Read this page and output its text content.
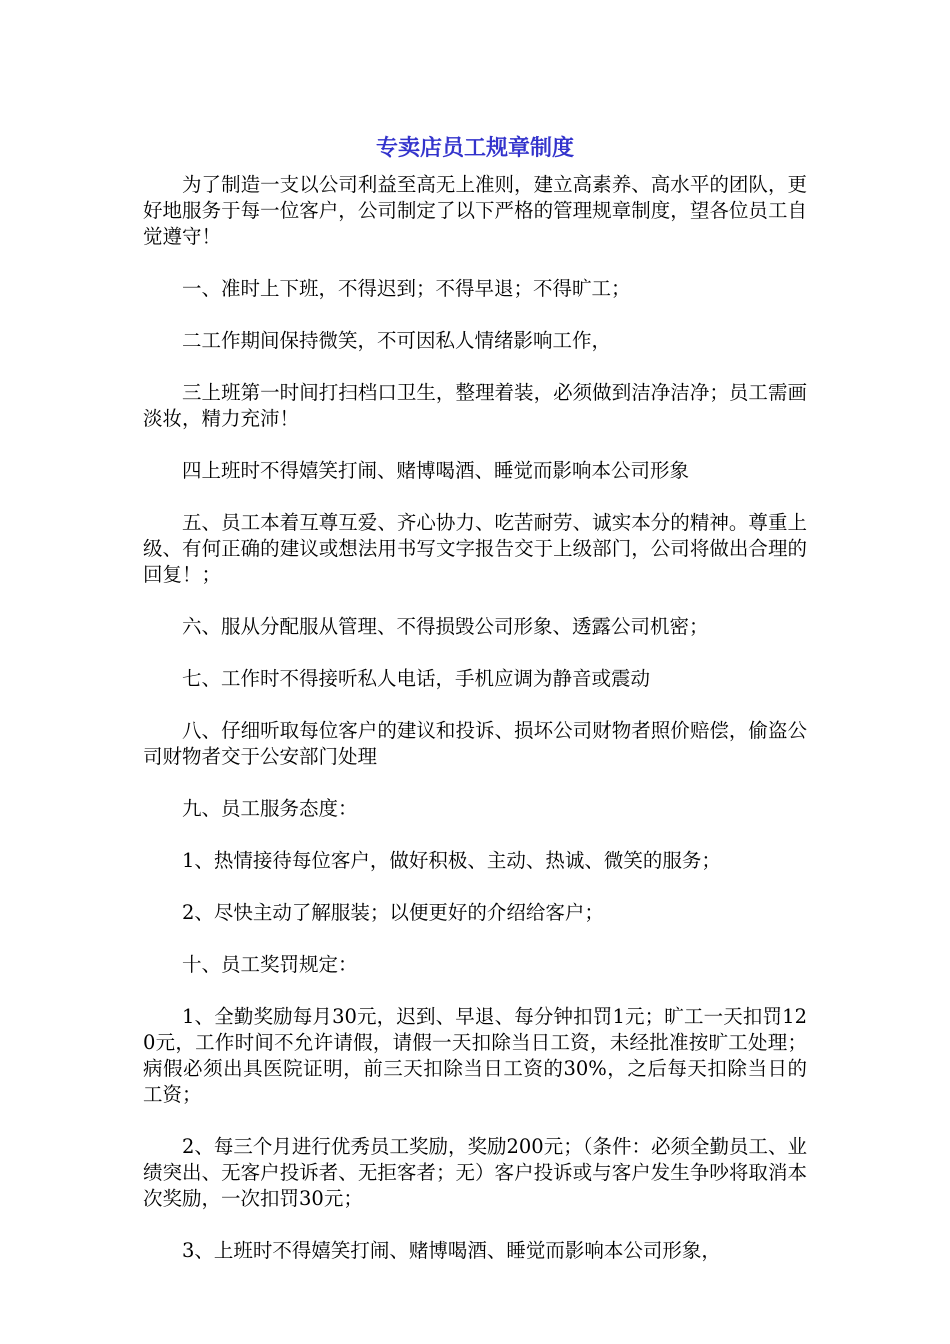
专卖店员工规章制度

为了制造一支以公司利益至高无上准则，建立高素养、高水平的团队，更好地服务于每一位客户，公司制定了以下严格的管理规章制度，望各位员工自觉遵守！

一、准时上下班，不得迟到；不得早退；不得旷工；

二工作期间保持微笑，不可因私人情绪影响工作，

三上班第一时间打扫档口卫生，整理着装，必须做到洁净洁净；员工需画淡妆，精力充沛！

四上班时不得嬉笑打闹、赌博喝酒、睡觉而影响本公司形象

五、员工本着互尊互爱、齐心协力、吃苦耐劳、诚实本分的精神。尊重上级、有何正确的建议或想法用书写文字报告交于上级部门，公司将做出合理的回复！；

六、服从分配服从管理、不得损毁公司形象、透露公司机密；

七、工作时不得接听私人电话，手机应调为静音或震动

八、仔细听取每位客户的建议和投诉、损坏公司财物者照价赔偿，偷盗公司财物者交于公安部门处理

九、员工服务态度：

1、热情接待每位客户，做好积极、主动、热诚、微笑的服务；

2、尽快主动了解服装；以便更好的介绍给客户；

十、员工奖罚规定：

1、全勤奖励每月30元，迟到、早退、每分钟扣罚1元；旷工一天扣罚120元，工作时间不允许请假，请假一天扣除当日工资，未经批准按旷工处理；病假必须出具医院证明，前三天扣除当日工资的30%，之后每天扣除当日的工资；

2、每三个月进行优秀员工奖励，奖励200元；（条件：必须全勤员工、业绩突出、无客户投诉者、无拒客者；无）客户投诉或与客户发生争吵将取消本次奖励，一次扣罚30元；

3、上班时不得嬉笑打闹、赌博喝酒、睡觉而影响本公司形象，
